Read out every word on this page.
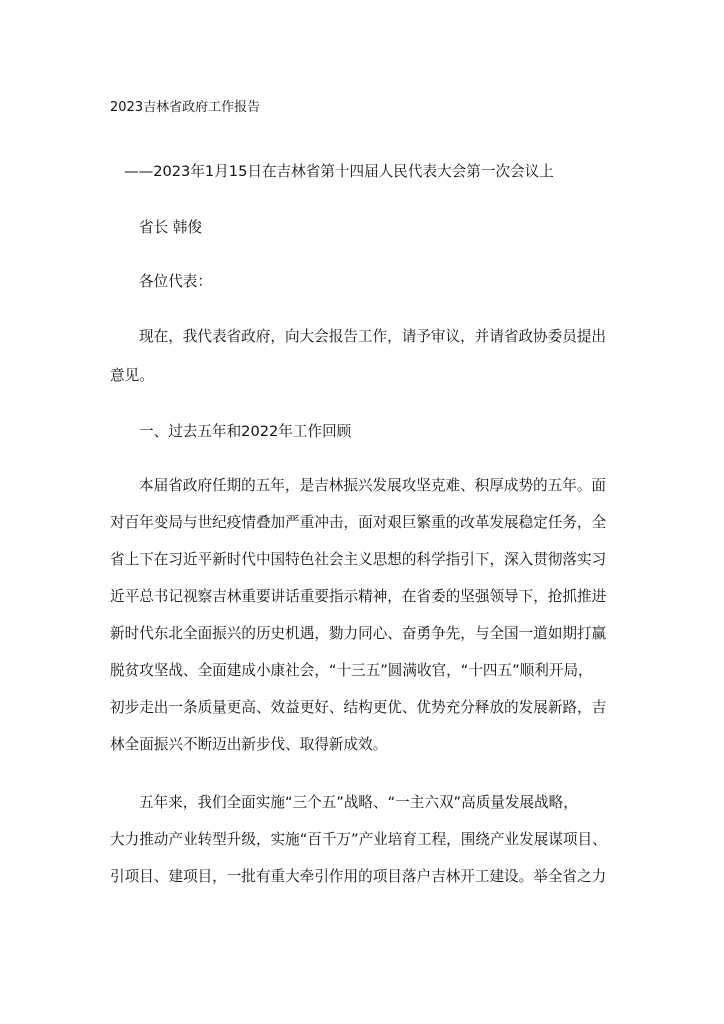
2023吉林省政府工作报告
——2023年1月15日在吉林省第十四届人民代表大会第一次会议上
省长 韩俊
各位代表：
现在，我代表省政府，向大会报告工作，请予审议，并请省政协委员提出
意见。
一、过去五年和2022年工作回顾
本届省政府任期的五年，是吉林振兴发展攻坚克难、积厚成势的五年。面
对百年变局与世纪疫情叠加严重冲击，面对艰巨繁重的改革发展稳定任务，全
省上下在习近平新时代中国特色社会主义思想的科学指引下，深入贯彻落实习
近平总书记视察吉林重要讲话重要指示精神，在省委的坚强领导下，抢抓推进
新时代东北全面振兴的历史机遇，勠力同心、奋勇争先，与全国一道如期打赢
脱贫攻坚战、全面建成小康社会，“十三五”圆满收官，“十四五”顺利开局，
初步走出一条质量更高、效益更好、结构更优、优势充分释放的发展新路，吉
林全面振兴不断迈出新步伐、取得新成效。
五年来，我们全面实施“三个五”战略、“一主六双”高质量发展战略，
大力推动产业转型升级，实施“百千万”产业培育工程，围绕产业发展谋项目、
引项目、建项目，一批有重大牵引作用的项目落户吉林开工建设。举全省之力
